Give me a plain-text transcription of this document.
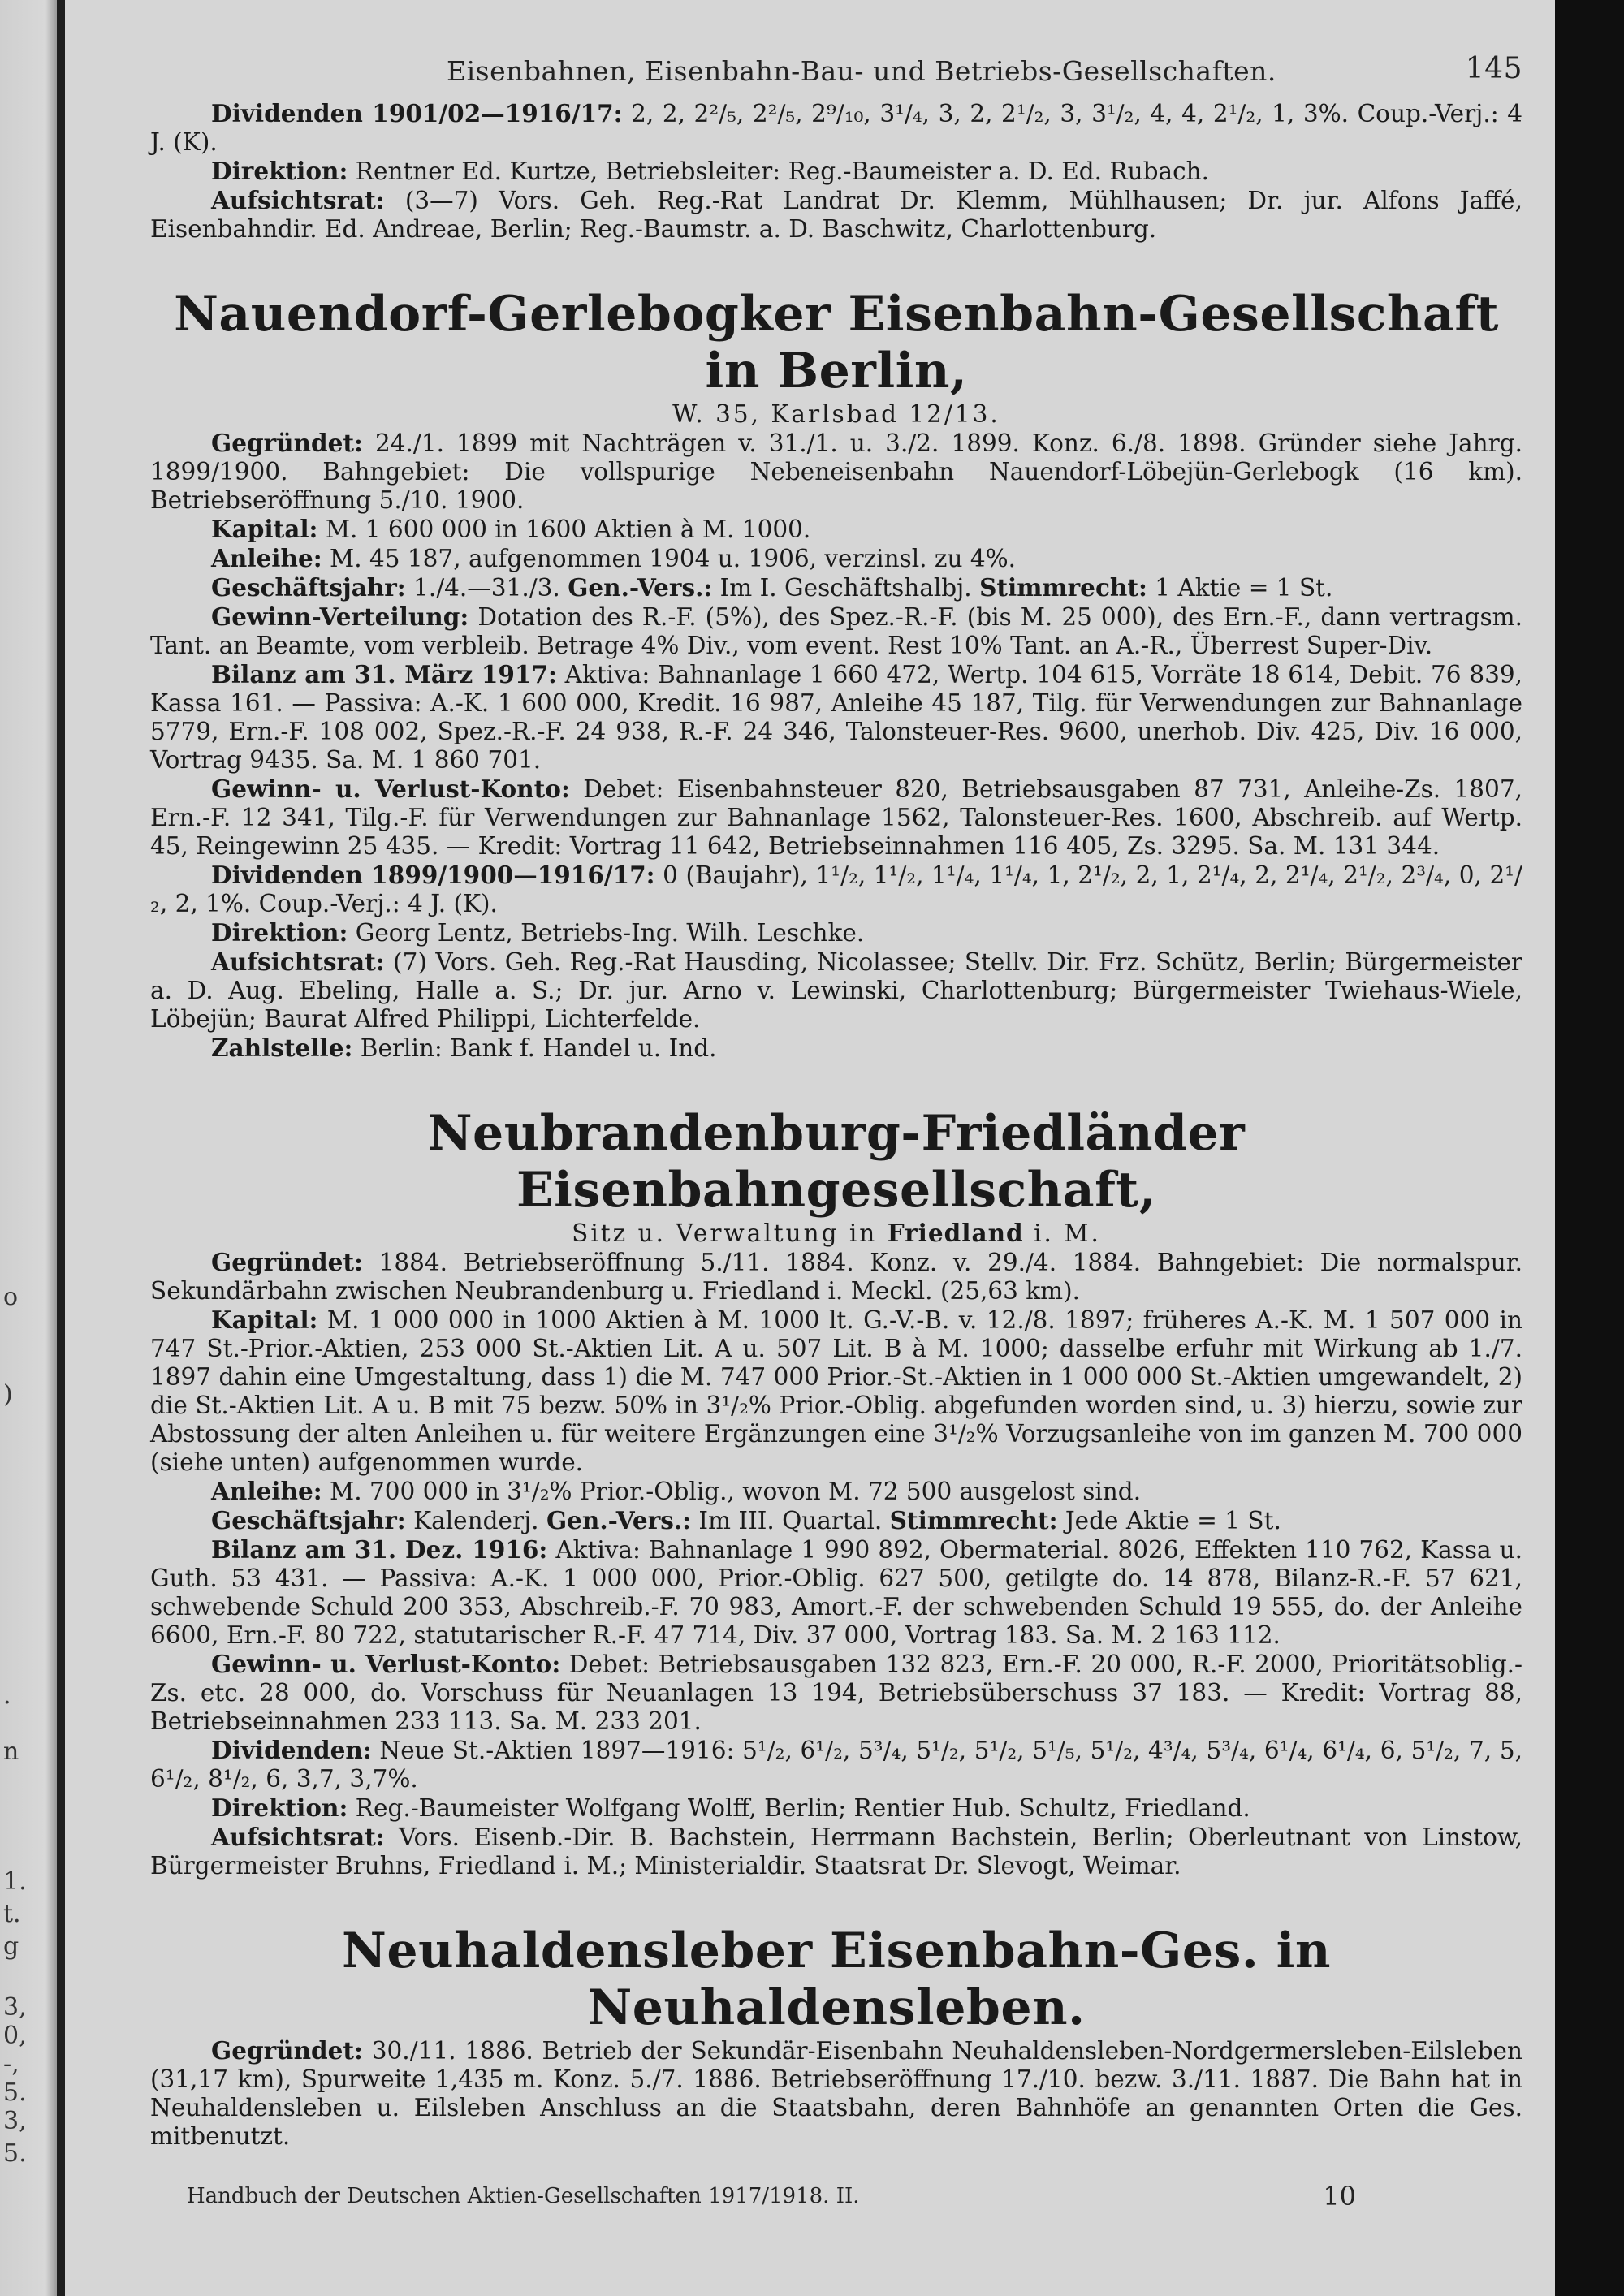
o
)
·
n
1.
t.
g
3,
0,
-,
5.
3,
5.
Eisenbahnen, Eisenbahn-Bau- und Betriebs-Gesellschaften.	145

Dividenden 1901/02—1916/17: 2, 2, 2²/₅, 2²/₅, 2⁹/₁₀, 3¹/₄, 3, 2, 2¹/₂, 3, 3¹/₂, 4, 4, 2¹/₂, 1, 3%. Coup.-Verj.: 4 J. (K).

Direktion: Rentner Ed. Kurtze, Betriebsleiter: Reg.-Baumeister a. D. Ed. Rubach.

Aufsichtsrat: (3—7) Vors. Geh. Reg.-Rat Landrat Dr. Klemm, Mühlhausen; Dr. jur. Alfons Jaffé, Eisenbahndir. Ed. Andreae, Berlin; Reg.-Baumstr. a. D. Baschwitz, Charlottenburg.

Nauendorf-Gerlebogker Eisenbahn-Gesellschaft in Berlin,
W. 35, Karlsbad 12/13.

Gegründet: 24./1. 1899 mit Nachträgen v. 31./1. u. 3./2. 1899. Konz. 6./8. 1898. Gründer siehe Jahrg. 1899/1900. Bahngebiet: Die vollspurige Nebeneisenbahn Nauendorf-Löbejün-Gerlebogk (16 km). Betriebseröffnung 5./10. 1900.

Kapital: M. 1 600 000 in 1600 Aktien à M. 1000.

Anleihe: M. 45 187, aufgenommen 1904 u. 1906, verzinsl. zu 4%.

Geschäftsjahr: 1./4.—31./3. Gen.-Vers.: Im I. Geschäftshalbj. Stimmrecht: 1 Aktie = 1 St.

Gewinn-Verteilung: Dotation des R.-F. (5%), des Spez.-R.-F. (bis M. 25 000), des Ern.-F., dann vertragsm. Tant. an Beamte, vom verbleib. Betrage 4% Div., vom event. Rest 10% Tant. an A.-R., Überrest Super-Div.

Bilanz am 31. März 1917: Aktiva: Bahnanlage 1 660 472, Wertp. 104 615, Vorräte 18 614, Debit. 76 839, Kassa 161. — Passiva: A.-K. 1 600 000, Kredit. 16 987, Anleihe 45 187, Tilg. für Verwendungen zur Bahnanlage 5779, Ern.-F. 108 002, Spez.-R.-F. 24 938, R.-F. 24 346, Talonsteuer-Res. 9600, unerhob. Div. 425, Div. 16 000, Vortrag 9435. Sa. M. 1 860 701.

Gewinn- u. Verlust-Konto: Debet: Eisenbahnsteuer 820, Betriebsausgaben 87 731, Anleihe-Zs. 1807, Ern.-F. 12 341, Tilg.-F. für Verwendungen zur Bahnanlage 1562, Talonsteuer-Res. 1600, Abschreib. auf Wertp. 45, Reingewinn 25 435. — Kredit: Vortrag 11 642, Betriebseinnahmen 116 405, Zs. 3295. Sa. M. 131 344.

Dividenden 1899/1900—1916/17: 0 (Baujahr), 1¹/₂, 1¹/₂, 1¹/₄, 1¹/₄, 1, 2¹/₂, 2, 1, 2¹/₄, 2, 2¹/₄, 2¹/₂, 2³/₄, 0, 2¹/₂, 2, 1%. Coup.-Verj.: 4 J. (K).

Direktion: Georg Lentz, Betriebs-Ing. Wilh. Leschke.

Aufsichtsrat: (7) Vors. Geh. Reg.-Rat Hausding, Nicolassee; Stellv. Dir. Frz. Schütz, Berlin; Bürgermeister a. D. Aug. Ebeling, Halle a. S.; Dr. jur. Arno v. Lewinski, Charlottenburg; Bürgermeister Twiehaus-Wiele, Löbejün; Baurat Alfred Philippi, Lichterfelde.

Zahlstelle: Berlin: Bank f. Handel u. Ind.

Neubrandenburg-Friedländer Eisenbahngesellschaft,
Sitz u. Verwaltung in Friedland i. M.

Gegründet: 1884. Betriebseröffnung 5./11. 1884. Konz. v. 29./4. 1884. Bahngebiet: Die normalspur. Sekundärbahn zwischen Neubrandenburg u. Friedland i. Meckl. (25,63 km).

Kapital: M. 1 000 000 in 1000 Aktien à M. 1000 lt. G.-V.-B. v. 12./8. 1897; früheres A.-K. M. 1 507 000 in 747 St.-Prior.-Aktien, 253 000 St.-Aktien Lit. A u. 507 Lit. B à M. 1000; dasselbe erfuhr mit Wirkung ab 1./7. 1897 dahin eine Umgestaltung, dass 1) die M. 747 000 Prior.-St.-Aktien in 1 000 000 St.-Aktien umgewandelt, 2) die St.-Aktien Lit. A u. B mit 75 bezw. 50% in 3¹/₂% Prior.-Oblig. abgefunden worden sind, u. 3) hierzu, sowie zur Abstossung der alten Anleihen u. für weitere Ergänzungen eine 3¹/₂% Vorzugsanleihe von im ganzen M. 700 000 (siehe unten) aufgenommen wurde.

Anleihe: M. 700 000 in 3¹/₂% Prior.-Oblig., wovon M. 72 500 ausgelost sind.

Geschäftsjahr: Kalenderj. Gen.-Vers.: Im III. Quartal. Stimmrecht: Jede Aktie = 1 St.

Bilanz am 31. Dez. 1916: Aktiva: Bahnanlage 1 990 892, Obermaterial. 8026, Effekten 110 762, Kassa u. Guth. 53 431. — Passiva: A.-K. 1 000 000, Prior.-Oblig. 627 500, getilgte do. 14 878, Bilanz-R.-F. 57 621, schwebende Schuld 200 353, Abschreib.-F. 70 983, Amort.-F. der schwebenden Schuld 19 555, do. der Anleihe 6600, Ern.-F. 80 722, statutarischer R.-F. 47 714, Div. 37 000, Vortrag 183. Sa. M. 2 163 112.

Gewinn- u. Verlust-Konto: Debet: Betriebsausgaben 132 823, Ern.-F. 20 000, R.-F. 2000, Prioritätsoblig.-Zs. etc. 28 000, do. Vorschuss für Neuanlagen 13 194, Betriebsüberschuss 37 183. — Kredit: Vortrag 88, Betriebseinnahmen 233 113. Sa. M. 233 201.

Dividenden: Neue St.-Aktien 1897—1916: 5¹/₂, 6¹/₂, 5³/₄, 5¹/₂, 5¹/₂, 5¹/₅, 5¹/₂, 4³/₄, 5³/₄, 6¹/₄, 6¹/₄, 6, 5¹/₂, 7, 5, 6¹/₂, 8¹/₂, 6, 3,7, 3,7%.

Direktion: Reg.-Baumeister Wolfgang Wolff, Berlin; Rentier Hub. Schultz, Friedland.

Aufsichtsrat: Vors. Eisenb.-Dir. B. Bachstein, Herrmann Bachstein, Berlin; Oberleutnant von Linstow, Bürgermeister Bruhns, Friedland i. M.; Ministerialdir. Staatsrat Dr. Slevogt, Weimar.

Neuhaldensleber Eisenbahn-Ges. in Neuhaldensleben.

Gegründet: 30./11. 1886. Betrieb der Sekundär-Eisenbahn Neuhaldensleben-Nordgermersleben-Eilsleben (31,17 km), Spurweite 1,435 m. Konz. 5./7. 1886. Betriebseröffnung 17./10. bezw. 3./11. 1887. Die Bahn hat in Neuhaldensleben u. Eilsleben Anschluss an die Staatsbahn, deren Bahnhöfe an genannten Orten die Ges. mitbenutzt.

Handbuch der Deutschen Aktien-Gesellschaften 1917/1918. II.	10
